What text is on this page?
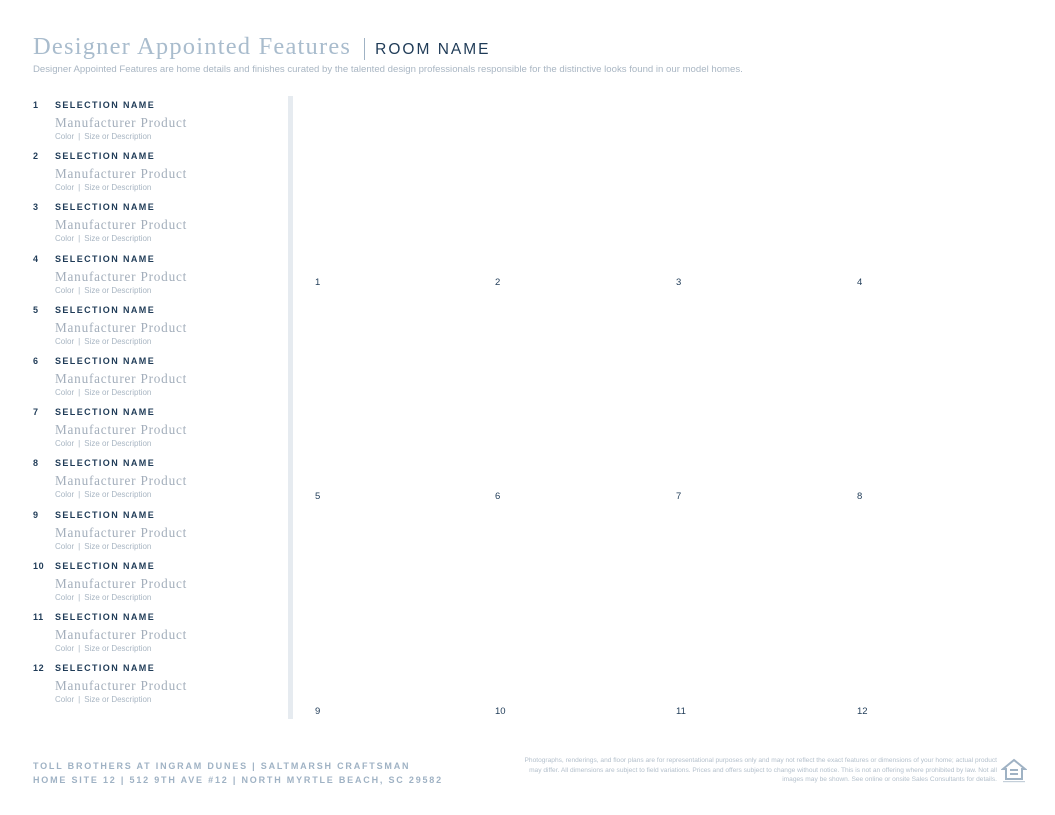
Designer Appointed Features ROOM NAME
Designer Appointed Features are home details and finishes curated by the talented design professionals responsible for the distinctive looks found in our model homes.
1 SELECTION NAME
Manufacturer Product
Color | Size or Description
2 SELECTION NAME
Manufacturer Product
Color | Size or Description
3 SELECTION NAME
Manufacturer Product
Color | Size or Description
4 SELECTION NAME
Manufacturer Product
Color | Size or Description
5 SELECTION NAME
Manufacturer Product
Color | Size or Description
6 SELECTION NAME
Manufacturer Product
Color | Size or Description
7 SELECTION NAME
Manufacturer Product
Color | Size or Description
8 SELECTION NAME
Manufacturer Product
Color | Size or Description
9 SELECTION NAME
Manufacturer Product
Color | Size or Description
10 SELECTION NAME
Manufacturer Product
Color | Size or Description
11 SELECTION NAME
Manufacturer Product
Color | Size or Description
12 SELECTION NAME
Manufacturer Product
Color | Size or Description
1	2	3	4
5	6	7	8
9	10	11	12
TOLL BROTHERS AT INGRAM DUNES | SALTMARSH CRAFTSMAN
HOME SITE 12 | 512 9TH AVE #12 | NORTH MYRTLE BEACH, SC 29582
Photographs, renderings, and floor plans are for representational purposes only and may not reflect the exact features or dimensions of your home; actual product may differ. All dimensions are subject to field variations. Prices and offers subject to change without notice. This is not an offering where prohibited by law. Not all images may be shown. See online or onsite Sales Consultants for details.
